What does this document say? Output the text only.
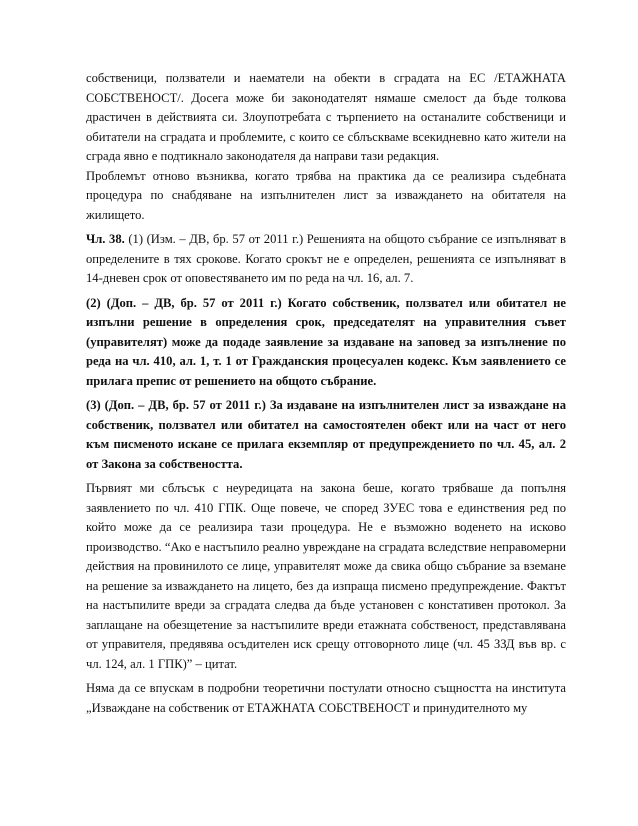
собственици, ползватели и наематели на обекти в сградата на ЕС /ЕТАЖНАТА СОБСТВЕНОСТ/. Досега може би законодателят нямаше смелост да бъде толкова драстичен в действията си. Злоупотребата с търпението на останалите собственици и обитатели на сградата и проблемите, с които се сблъскваме всекидневно като жители на сграда явно е подтикнало законодателя да направи тази редакция.

Проблемът отново възниква, когато трябва на практика да се реализира съдебната процедура по снабдяване на изпълнителен лист за изваждането на обитателя на жилището.

Чл. 38. (1) (Изм. – ДВ, бр. 57 от 2011 г.) Решенията на общото събрание се изпълняват в определените в тях срокове. Когато срокът не е определен, решенията се изпълняват в 14-дневен срок от оповестяването им по реда на чл. 16, ал. 7.

(2) (Доп. – ДВ, бр. 57 от 2011 г.) Когато собственик, ползвател или обитател не изпълни решение в определения срок, председателят на управителния съвет (управителят) може да подаде заявление за издаване на заповед за изпълнение по реда на чл. 410, ал. 1, т. 1 от Гражданския процесуален кодекс. Към заявлението се прилага препис от решението на общото събрание.

(3) (Доп. – ДВ, бр. 57 от 2011 г.) За издаване на изпълнителен лист за изваждане на собственик, ползвател или обитател на самостоятелен обект или на част от него към писменото искане се прилага екземпляр от предупреждението по чл. 45, ал. 2 от Закона за собствеността.

Първият ми сблъсък с неуредицата на закона беше, когато трябваше да попълня заявлението по чл. 410 ГПК. Още повече, че според ЗУЕС това е единствения ред по който може да се реализира тази процедура. Не е възможно воденето на исково производство. “Ако е настъпило реално увреждане на сградата вследствие неправомерни действия на провинилото се лице, управителят може да свика общо събрание за вземане на решение за изваждането на лицето, без да изпраща писмено предупреждение. Фактът на настъпилите вреди за сградата следва да бъде установен с констативен протокол. За заплащане на обезщетение за настъпилите вреди етажната собственост, представлявана от управителя, предявява осъдителен иск срещу отговорното лице (чл. 45 ЗЗД във вр. с чл. 124, ал. 1 ГПК)” – цитат.

Няма да се впускам в подробни теоретични постулати относно същността на института „Изваждане на собственик от ЕТАЖНАТА СОБСТВЕНОСТ и принудителното му
